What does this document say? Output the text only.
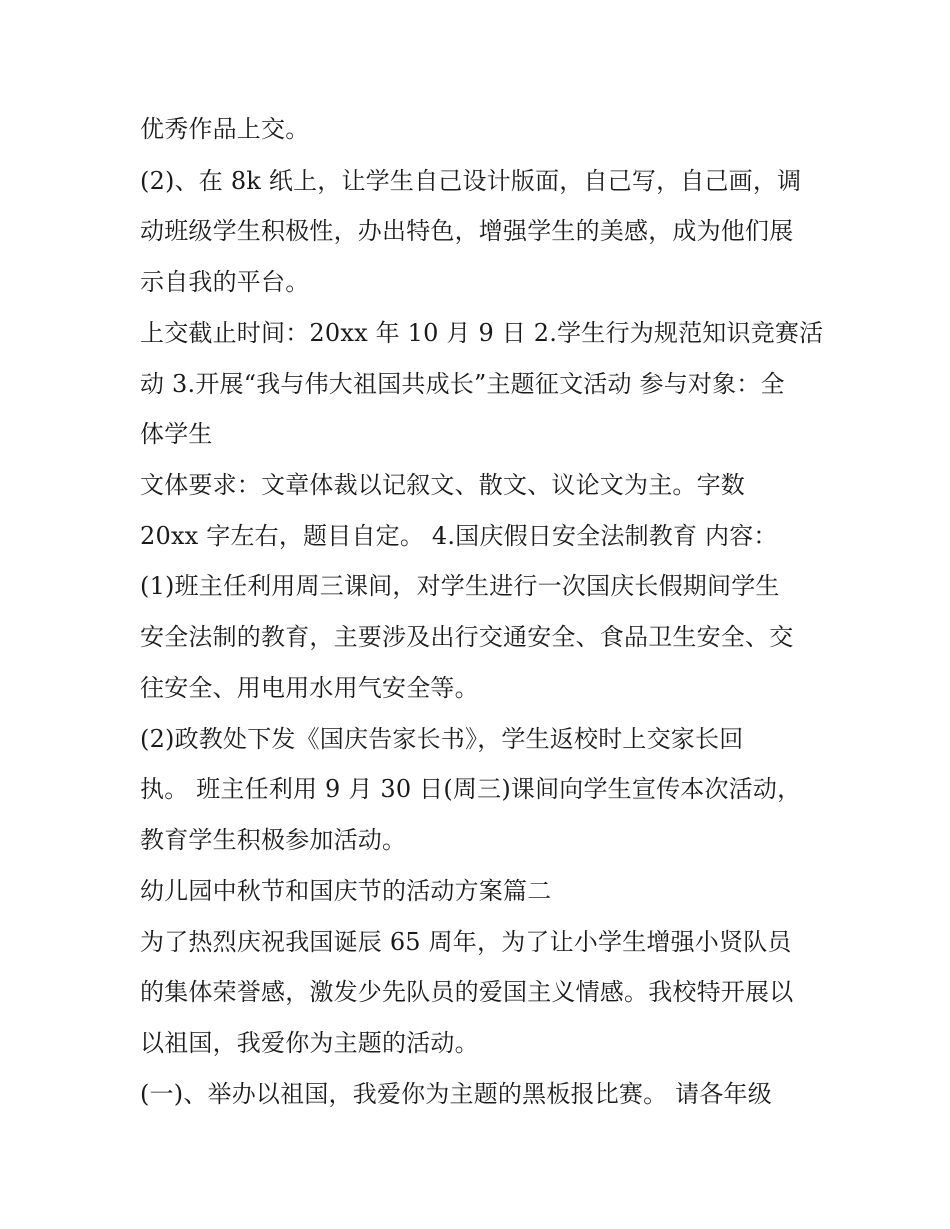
优秀作品上交。
(2)、在 8k 纸上，让学生自己设计版面，自己写，自己画，调
动班级学生积极性，办出特色，增强学生的美感，成为他们展
示自我的平台。
上交截止时间：20xx 年 10 月 9 日 2.学生行为规范知识竞赛活
动 3.开展“我与伟大祖国共成长”主题征文活动 参与对象：全
体学生
文体要求：文章体裁以记叙文、散文、议论文为主。字数
20xx 字左右，题目自定。 4.国庆假日安全法制教育 内容：
(1)班主任利用周三课间，对学生进行一次国庆长假期间学生
安全法制的教育，主要涉及出行交通安全、食品卫生安全、交
往安全、用电用水用气安全等。
(2)政教处下发《国庆告家长书》，学生返校时上交家长回
执。 班主任利用 9 月 30 日(周三)课间向学生宣传本次活动，
教育学生积极参加活动。
幼儿园中秋节和国庆节的活动方案篇二
为了热烈庆祝我国诞辰 65 周年，为了让小学生增强小贤队员
的集体荣誉感，激发少先队员的爱国主义情感。我校特开展以
以祖国，我爱你为主题的活动。
(一)、举办以祖国，我爱你为主题的黑板报比赛。 请各年级
